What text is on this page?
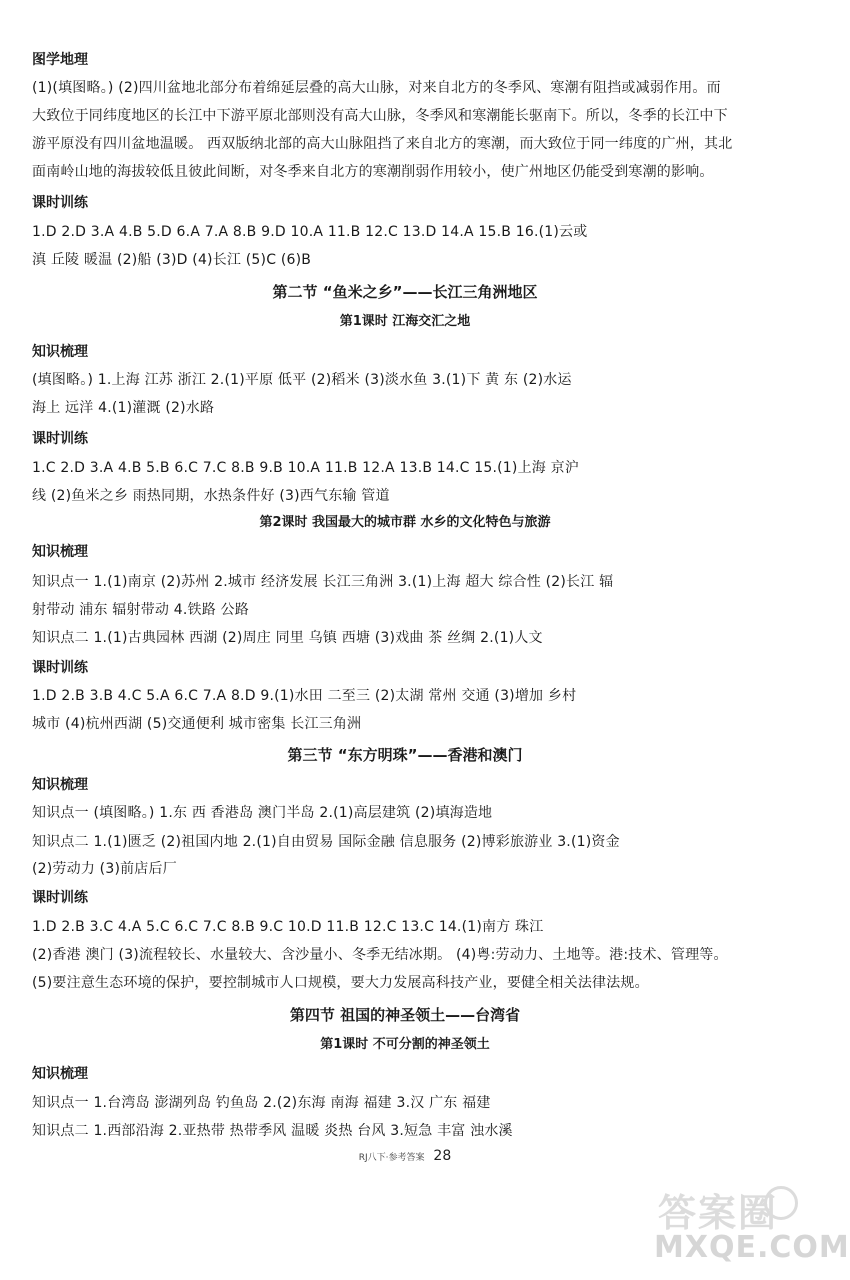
图学地理

(1)(填图略。) (2)四川盆地北部分布着绵延层叠的高大山脉，对来自北方的冬季风、寒潮有阻挡或减弱作用。而

大致位于同纬度地区的长江中下游平原北部则没有高大山脉，冬季风和寒潮能长驱南下。所以，冬季的长江中下

游平原没有四川盆地温暖。 西双版纳北部的高大山脉阻挡了来自北方的寒潮，而大致位于同一纬度的广州，其北

面南岭山地的海拔较低且彼此间断，对冬季来自北方的寒潮削弱作用较小，使广州地区仍能受到寒潮的影响。

课时训练

1.D 2.D 3.A 4.B 5.D 6.A 7.A 8.B 9.D 10.A 11.B 12.C 13.D 14.A 15.B 16.(1)云或

滇 丘陵 暖温 (2)船 (3)D (4)长江 (5)C (6)B

第二节 “鱼米之乡”——长江三角洲地区

第1课时 江海交汇之地

知识梳理

(填图略。) 1.上海 江苏 浙江 2.(1)平原 低平 (2)稻米 (3)淡水鱼 3.(1)下 黄 东 (2)水运

海上 远洋 4.(1)灌溉 (2)水路

课时训练

1.C 2.D 3.A 4.B 5.B 6.C 7.C 8.B 9.B 10.A 11.B 12.A 13.B 14.C 15.(1)上海 京沪

线 (2)鱼米之乡 雨热同期，水热条件好 (3)西气东输 管道

第2课时 我国最大的城市群 水乡的文化特色与旅游

知识梳理

知识点一 1.(1)南京 (2)苏州 2.城市 经济发展 长江三角洲 3.(1)上海 超大 综合性 (2)长江 辐

射带动 浦东 辐射带动 4.铁路 公路

知识点二 1.(1)古典园林 西湖 (2)周庄 同里 乌镇 西塘 (3)戏曲 茶 丝绸 2.(1)人文

课时训练

1.D 2.B 3.B 4.C 5.A 6.C 7.A 8.D 9.(1)水田 二至三 (2)太湖 常州 交通 (3)增加 乡村

城市 (4)杭州西湖 (5)交通便利 城市密集 长江三角洲

第三节 “东方明珠”——香港和澳门

知识梳理

知识点一 (填图略。) 1.东 西 香港岛 澳门半岛 2.(1)高层建筑 (2)填海造地

知识点二 1.(1)匮乏 (2)祖国内地 2.(1)自由贸易 国际金融 信息服务 (2)博彩旅游业 3.(1)资金

(2)劳动力 (3)前店后厂

课时训练

1.D 2.B 3.C 4.A 5.C 6.C 7.C 8.B 9.C 10.D 11.B 12.C 13.C 14.(1)南方 珠江

(2)香港 澳门 (3)流程较长、水量较大、含沙量小、冬季无结冰期。 (4)粤:劳动力、土地等。港:技术、管理等。

(5)要注意生态环境的保护，要控制城市人口规模，要大力发展高科技产业，要健全相关法律法规。

第四节 祖国的神圣领土——台湾省

第1课时 不可分割的神圣领土

知识梳理

知识点一 1.台湾岛 澎湖列岛 钓鱼岛 2.(2)东海 南海 福建 3.汉 广东 福建

知识点二 1.西部沿海 2.亚热带 热带季风 温暖 炎热 台风 3.短急 丰富 浊水溪

RJ八下·参考答案 28
答案圈
MXQE.COM
